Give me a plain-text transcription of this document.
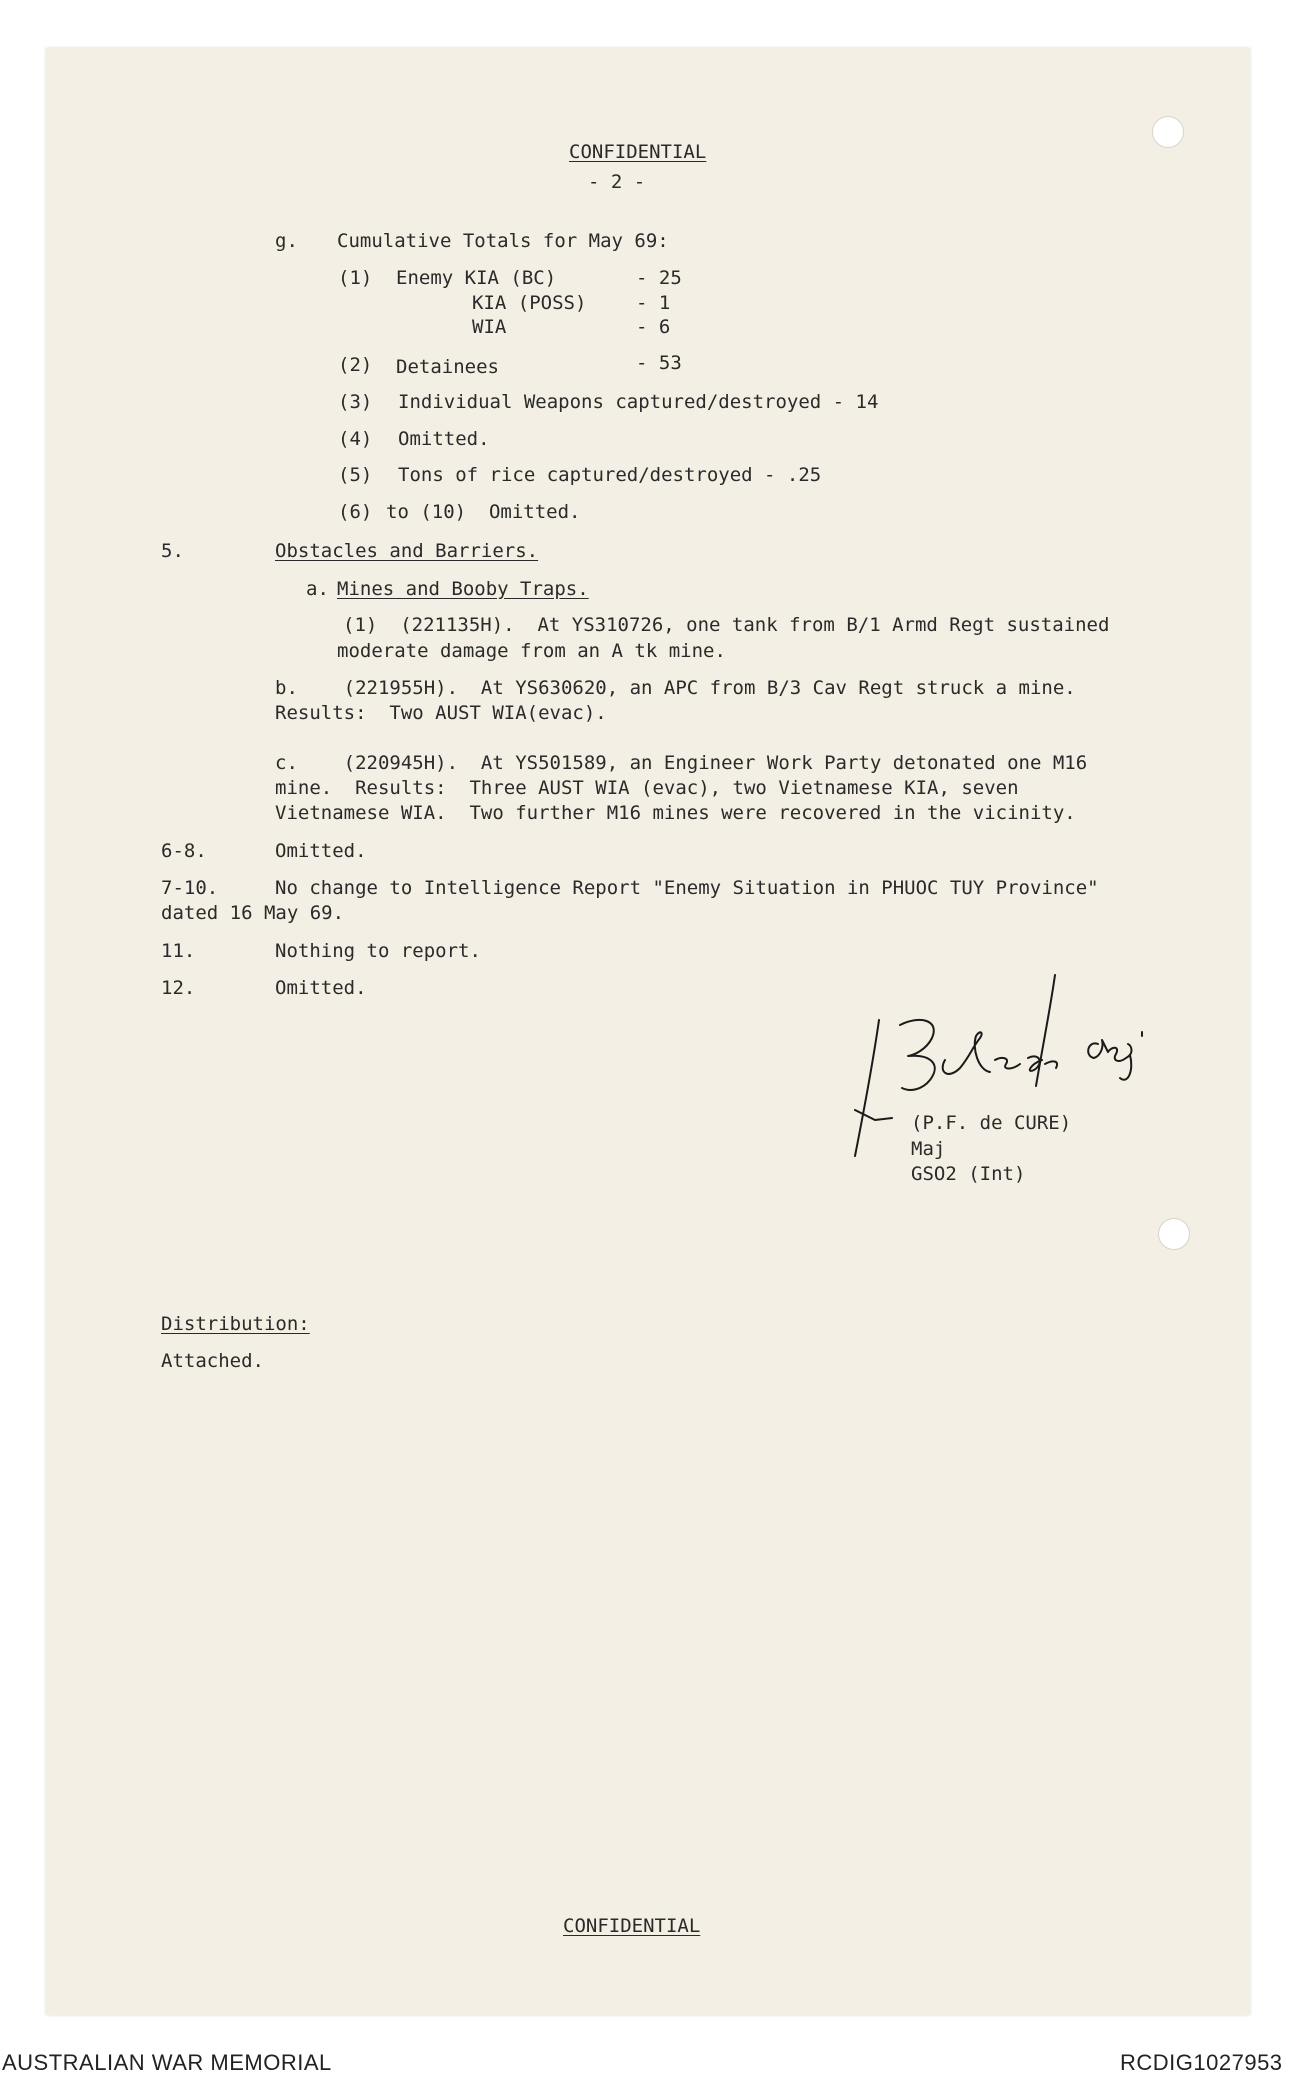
CONFIDENTIAL
- 2 -
g. Cumulative Totals for May 69:
(1) Enemy KIA (BC)	- 25
KIA (POSS)	- 1
WIA	- 6
(2) Detainees	- 53
(3) Individual Weapons captured/destroyed - 14
(4) Omitted.
(5) Tons of rice captured/destroyed - .25
(6) to (10)  Omitted.
5.	Obstacles and Barriers.
a. Mines and Booby Traps.
(1)  (221135H).  At YS310726, one tank from B/1 Armd Regt sustained
moderate damage from an A tk mine.
b.    (221955H).  At YS630620, an APC from B/3 Cav Regt struck a mine.
Results:  Two AUST WIA(evac).
c.    (220945H).  At YS501589, an Engineer Work Party detonated one M16
mine.  Results:  Three AUST WIA (evac), two Vietnamese KIA, seven
Vietnamese WIA.  Two further M16 mines were recovered in the vicinity.
6-8.	Omitted.
7-10.	No change to Intelligence Report "Enemy Situation in PHUOC TUY Province"
dated 16 May 69.
11.	Nothing to report.
12.	Omitted.
(P.F. de CURE)
Maj
GSO2 (Int)
Distribution:
Attached.
CONFIDENTIAL
AUSTRALIAN WAR MEMORIAL	RCDIG1027953
